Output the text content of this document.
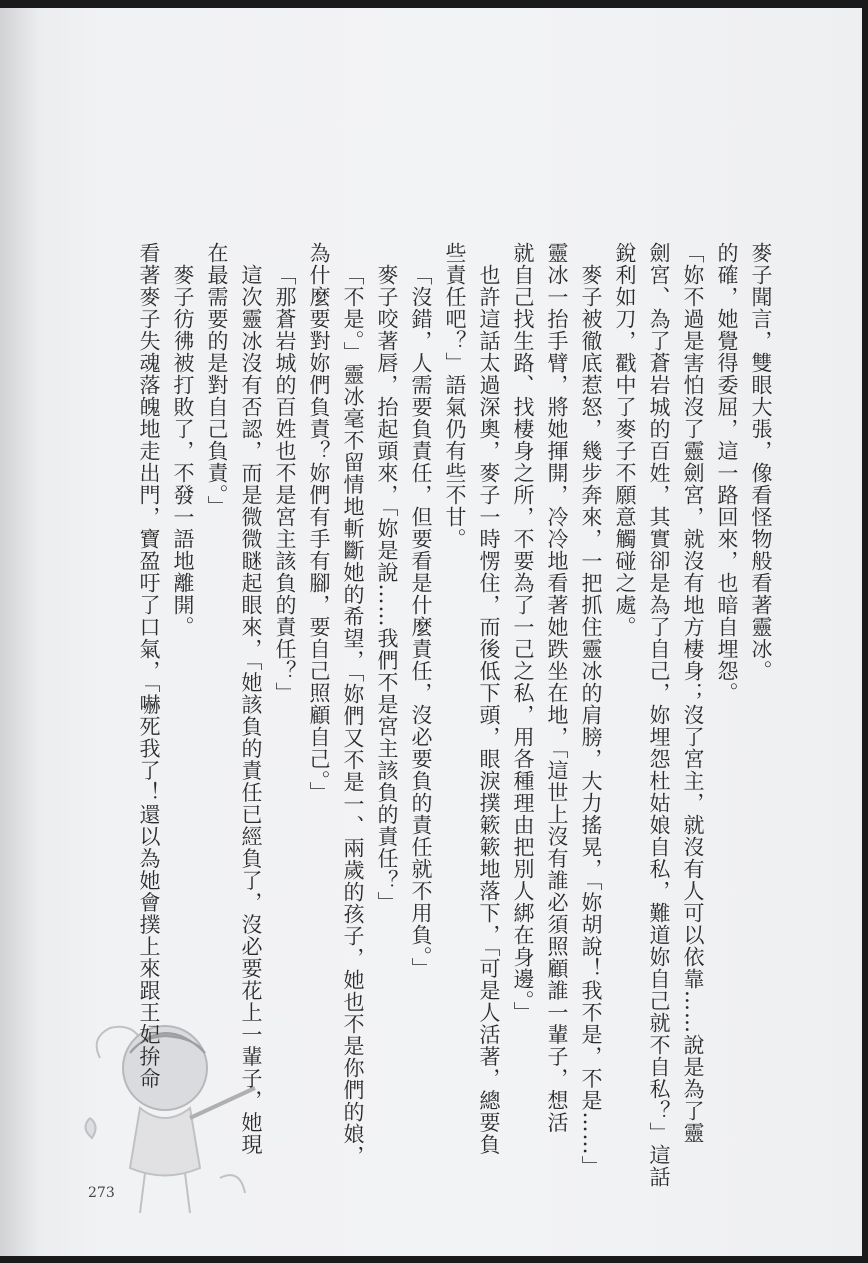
273
麥子聞言，雙眼大張，像看怪物般看著靈冰。
的確，她覺得委屈，這一路回來，也暗自埋怨。
「妳不過是害怕沒了靈劍宮，就沒有地方棲身；沒了宮主，就沒有人可以依靠……說是為了靈
劍宮、為了蒼岩城的百姓，其實卻是為了自己，妳埋怨杜姑娘自私，難道妳自己就不自私？」這話
銳利如刀，戳中了麥子不願意觸碰之處。
麥子被徹底惹怒，幾步奔來，一把抓住靈冰的肩膀，大力搖晃，「妳胡說！我不是，不是……」
靈冰一抬手臂，將她揮開，冷冷地看著她跌坐在地，「這世上沒有誰必須照顧誰一輩子，想活
就自己找生路、找棲身之所，不要為了一己之私，用各種理由把別人綁在身邊。」
也許這話太過深奧，麥子一時愣住，而後低下頭，眼淚撲簌簌地落下，「可是人活著，總要負
些責任吧？」語氣仍有些不甘。
「沒錯，人需要負責任，但要看是什麼責任，沒必要負的責任就不用負。」
麥子咬著唇，抬起頭來，「妳是說……我們不是宮主該負的責任？」
「不是。」靈冰毫不留情地斬斷她的希望，「妳們又不是一、兩歲的孩子，她也不是你們的娘，
為什麼要對妳們負責？妳們有手有腳，要自己照顧自己。」
「那蒼岩城的百姓也不是宮主該負的責任？」
這次靈冰沒有否認，而是微微瞇起眼來，「她該負的責任已經負了，沒必要花上一輩子，她現
在最需要的是對自己負責。」
麥子彷彿被打敗了，不發一語地離開。
看著麥子失魂落魄地走出門，寶盈吁了口氣，「嚇死我了！還以為她會撲上來跟王妃拚命
